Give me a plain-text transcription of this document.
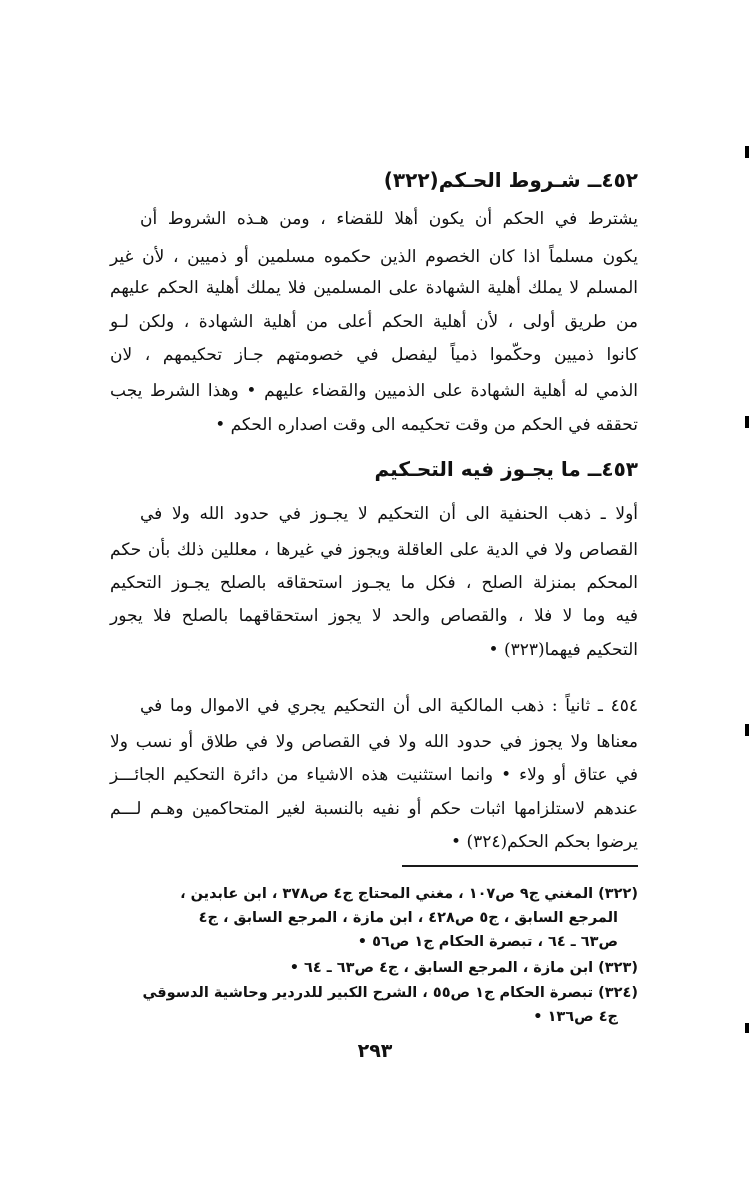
٤٥٢ــ شـروط الحـكم(٣٢٢)
يشترط في الحكم أن يكون أهلا للقضاء ، ومن هـذه الشروط أن
يكون مسلماً اذا كان الخصوم الذين حكموه مسلمين أو ذميين ، لأن غير
المسلم لا يملك أهلية الشهادة على المسلمين فلا يملك أهلية الحكم عليهم
من طريق أولى ، لأن أهلية الحكم أعلى من أهلية الشهادة ، ولكن لـو
كانوا ذميين وحكّموا ذمياً ليفصل في خصومتهم جـاز تحكيمهم ، لان
الذمي له أهلية الشهادة على الذميين والقضاء عليهم • وهذا الشرط يجب
تحققه في الحكم من وقت تحكيمه الى وقت اصداره الحكم •
٤٥٣ــ ما يجـوز فيه التحـكيم
أولا ـ ذهب الحنفية الى أن التحكيم لا يجـوز في حدود الله ولا في
القصاص ولا في الدية على العاقلة ويجوز في غيرها ، معللين ذلك بأن حكم
المحكم بمنزلة الصلح ، فكل ما يجـوز استحقاقه بالصلح يجـوز التحكيم
فيه وما لا فلا ، والقصاص والحد لا يجوز استحقاقهما بالصلح فلا يجور
التحكيم فيهما(٣٢٣) •
٤٥٤ ـ ثانياً : ذهب المالكية الى أن التحكيم يجري في الاموال وما في
معناها ولا يجوز في حدود الله ولا في القصاص ولا في طلاق أو نسب ولا
في عتاق أو ولاء • وانما استثنيت هذه الاشياء من دائرة التحكيم الجائـــز
عندهم لاستلزامها اثبات حكم أو نفيه بالنسبة لغير المتحاكمين وهـم لـــم
يرضوا بحكم الحكم(٣٢٤) •
(٣٢٢) المغني ج٩ ص١٠٧ ، مغني المحتاج ج٤ ص٣٧٨ ، ابن عابدين ،
المرجع السابق ، ج٥ ص٤٢٨ ، ابن مازة ، المرجع السابق ، ج٤
ص٦٣ ـ ٦٤ ، تبصرة الحكام ج١ ص٥٦ •
(٣٢٣) ابن مازة ، المرجع السابق ، ج٤ ص٦٣ ـ ٦٤ •
(٣٢٤) تبصرة الحكام ج١ ص٥٥ ، الشرح الكبير للدردير وحاشية الدسوقي
ج٤ ص١٣٦ •
٢٩٣
